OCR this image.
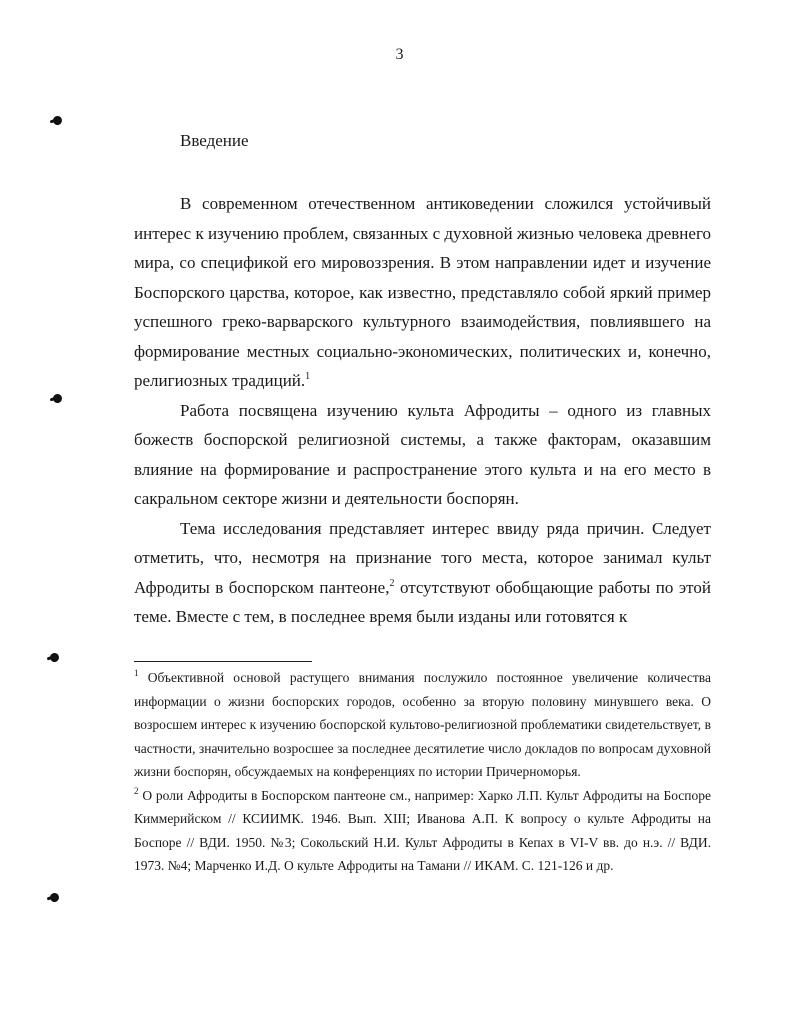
3
Введение

В современном отечественном антиковедении сложился устойчивый интерес к изучению проблем, связанных с духовной жизнью человека древнего мира, со спецификой его мировоззрения. В этом направлении идет и изучение Боспорского царства, которое, как известно, представляло собой яркий пример успешного греко-варварского культурного взаимодействия, повлиявшего на формирование местных социально-экономических, политических и, конечно, религиозных традиций.$^1$

Работа посвящена изучению культа Афродиты – одного из главных божеств боспорской религиозной системы, а также факторам, оказавшим влияние на формирование и распространение этого культа и на его место в сакральном секторе жизни и деятельности боспорян.

Тема исследования представляет интерес ввиду ряда причин. Следует отметить, что, несмотря на признание того места, которое занимал культ Афродиты в боспорском пантеоне,$^2$ отсутствуют обобщающие работы по этой теме. Вместе с тем, в последнее время были изданы или готовятся к

$^1$ Объективной основой растущего внимания послужило постоянное увеличение количества информации о жизни боспорских городов, особенно за вторую половину минувшего века. О возросшем интерес к изучению боспорской культово-религиозной проблематики свидетельствует, в частности, значительно возросшее за последнее десятилетие число докладов по вопросам духовной жизни боспорян, обсуждаемых на конференциях по истории Причерноморья.

$^2$ О роли Афродиты в Боспорском пантеоне см., например: Харко Л.П. Культ Афродиты на Боспоре Киммерийском // КСИИМК. 1946. Вып. XIII; Иванова А.П. К вопросу о культе Афродиты на Боспоре // ВДИ. 1950. №3; Сокольский Н.И. Культ Афродиты в Кепах в VI-V вв. до н.э. // ВДИ. 1973. №4; Марченко И.Д. О культе Афродиты на Тамани // ИКАМ. С. 121-126 и др.
